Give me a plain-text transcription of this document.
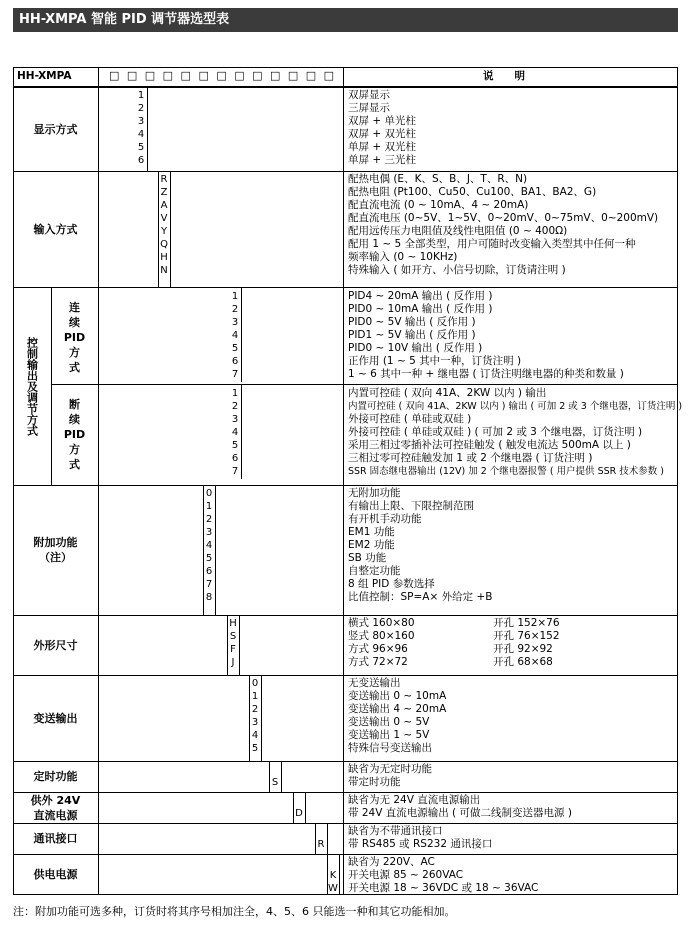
HH-XMPA 智能 PID 调节器选型表
HH-XMPA	□ □ □ □ □ □ □ □ □ □ □ □ □	说　　明
显示方式
1	双屏显示
2	三屏显示
3	双屏 + 单光柱
4	双屏 + 双光柱
5	单屏 + 双光柱
6	单屏 + 三光柱
输入方式
R	配热电偶 (E、K、S、B、J、T、R、N)
Z	配热电阻 (Pt100、Cu50、Cu100、BA1、BA2、G)
A	配直流电流 (0 ~ 10mA、4 ~ 20mA)
V	配直流电压 (0~5V、1~5V、0~20mV、0~75mV、0~200mV)
Y	配用远传压力电阻值及线性电阻值 (0 ~ 400Ω)
Q	配用 1 ~ 5 全部类型，用户可随时改变输入类型其中任何一种
H	频率输入 (0 ~ 10KHz)
N	特殊输入 ( 如开方、小信号切除，订货请注明 )
控制输出及调节方式
连
续
PID
方
式
1	PID4 ~ 20mA 输出 ( 反作用 )
2	PID0 ~ 10mA 输出 ( 反作用 )
3	PID0 ~ 5V 输出 ( 反作用 )
4	PID1 ~ 5V 输出 ( 反作用 )
5	PID0 ~ 10V 输出 ( 反作用 )
6	正作用 (1 ~ 5 其中一种，订货注明 )
7	1 ~ 6 其中一种 + 继电器 ( 订货注明继电器的种类和数量 )
断
续
PID
方
式
1	内置可控硅 ( 双向 41A、2KW 以内 ) 输出
2	内置可控硅 ( 双向 41A、2KW 以内 ) 输出 ( 可加 2 或 3 个继电器，订货注明 )
3	外接可控硅 ( 单硅或双硅 )
4	外接可控硅 ( 单硅或双硅 ) ( 可加 2 或 3 个继电器，订货注明 )
5	采用三相过零插补法可控硅触发 ( 触发电流达 500mA 以上 )
6	三相过零可控硅触发加 1 或 2 个继电器 ( 订货注明 )
7	SSR 固态继电器输出 (12V) 加 2 个继电器报警 ( 用户提供 SSR 技术参数 )
附加功能
（注）
0	无附加功能
1	有输出上限、下限控制范围
2	有开机手动功能
3	EM1 功能
4	EM2 功能
5	SB 功能
6	自整定功能
7	8 组 PID 参数选择
8	比值控制：SP=A× 外给定 +B
外形尺寸
H	横式 160×80	开孔 152×76
S	竖式 80×160	开孔 76×152
F	方式 96×96	开孔 92×92
J	方式 72×72	开孔 68×68
变送输出
0	无变送输出
1	变送输出 0 ~ 10mA
2	变送输出 4 ~ 20mA
3	变送输出 0 ~ 5V
4	变送输出 1 ~ 5V
5	特殊信号变送输出
定时功能
缺省为无定时功能
S	带定时功能
供外 24V
直流电源
缺省为无 24V 直流电源输出
D	带 24V 直流电源输出 ( 可做二线制变送器电源 )
通讯接口
缺省为不带通讯接口
R 带 RS485 或 RS232 通讯接口
供电电源
缺省为 220V、AC
K 开关电源 85 ~ 260VAC
W 开关电源 18 ~ 36VDC 或 18 ~ 36VAC
注：附加功能可选多种，订货时将其序号相加注全，4、5、6 只能选一种和其它功能相加。
